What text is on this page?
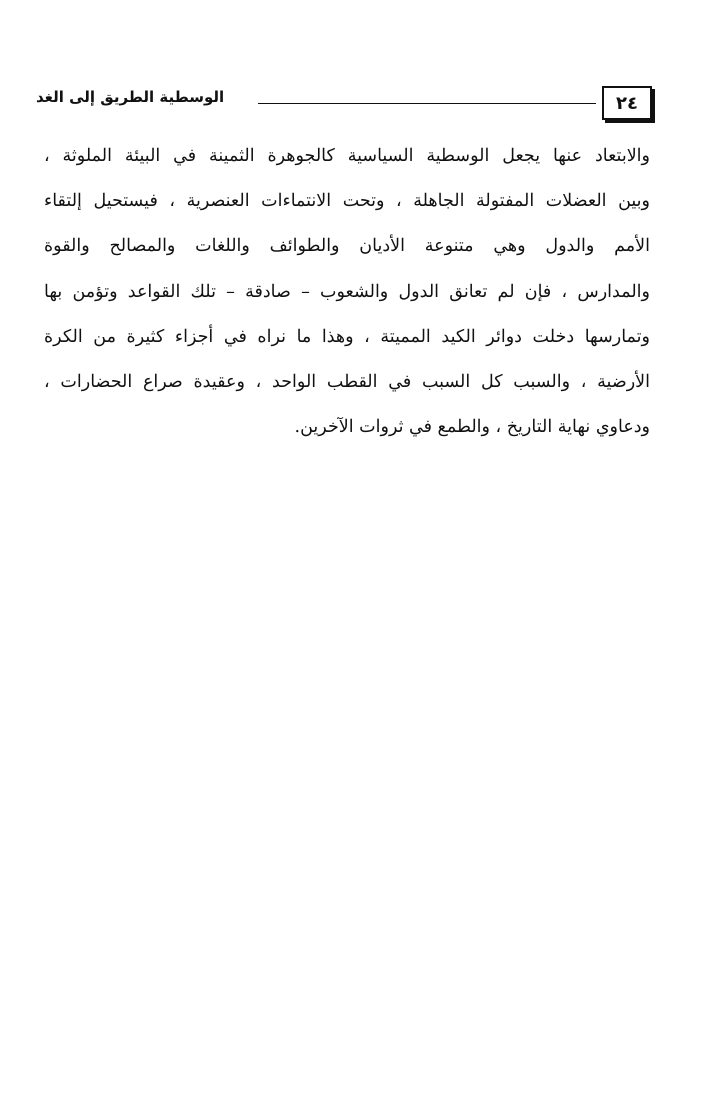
٢٤
الوسطية الطريق إلى الغد
والابتعاد عنها يجعل الوسطية السياسية كالجوهرة الثمينة في البيئة الملوثة ،
وبين العضلات المفتولة الجاهلة ، وتحت الانتماءات العنصرية ، فيستحيل إلتقاء
الأمم والدول وهي متنوعة الأديان والطوائف واللغات والمصالح والقوة
والمدارس ، فإن لم تعانق الدول والشعوب – صادقة – تلك القواعد وتؤمن بها
وتمارسها دخلت دوائر الكيد المميتة ، وهذا ما نراه في أجزاء كثيرة من الكرة
الأرضية ، والسبب كل السبب في القطب الواحد ، وعقيدة صراع الحضارات ،
ودعاوي نهاية التاريخ ، والطمع في ثروات الآخرين.
